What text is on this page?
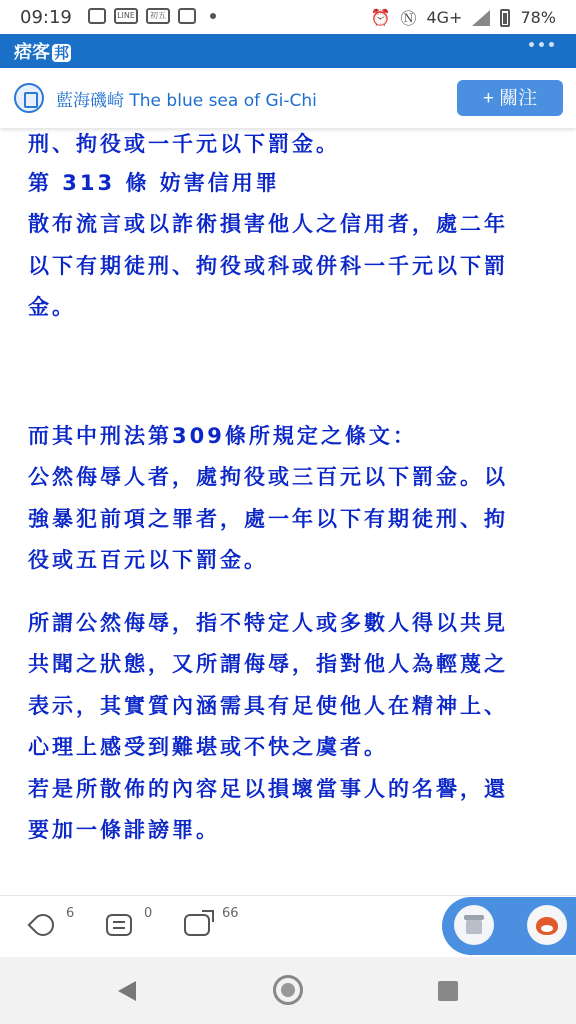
09:19	LINE	初五	⏰ Ⓝ 4G+	78%
痞客 邦
藍海磯崎 The blue sea of Gi-Chi	+ 關注
刑、拘役或一千元以下罰金。
第 313 條 妨害信用罪
散布流言或以詐術損害他人之信用者，處二年
以下有期徒刑、拘役或科或併科一千元以下罰
金。
而其中刑法第309條所規定之條文：
公然侮辱人者，處拘役或三百元以下罰金。以
強暴犯前項之罪者，處一年以下有期徒刑、拘
役或五百元以下罰金。
所謂公然侮辱，指不特定人或多數人得以共見
共聞之狀態，又所謂侮辱，指對他人為輕蔑之
表示，其實質內涵需具有足使他人在精神上、
心理上感受到難堪或不快之虞者。
若是所散佈的內容足以損壞當事人的名譽，還
要加一條誹謗罪。
6	0	66
